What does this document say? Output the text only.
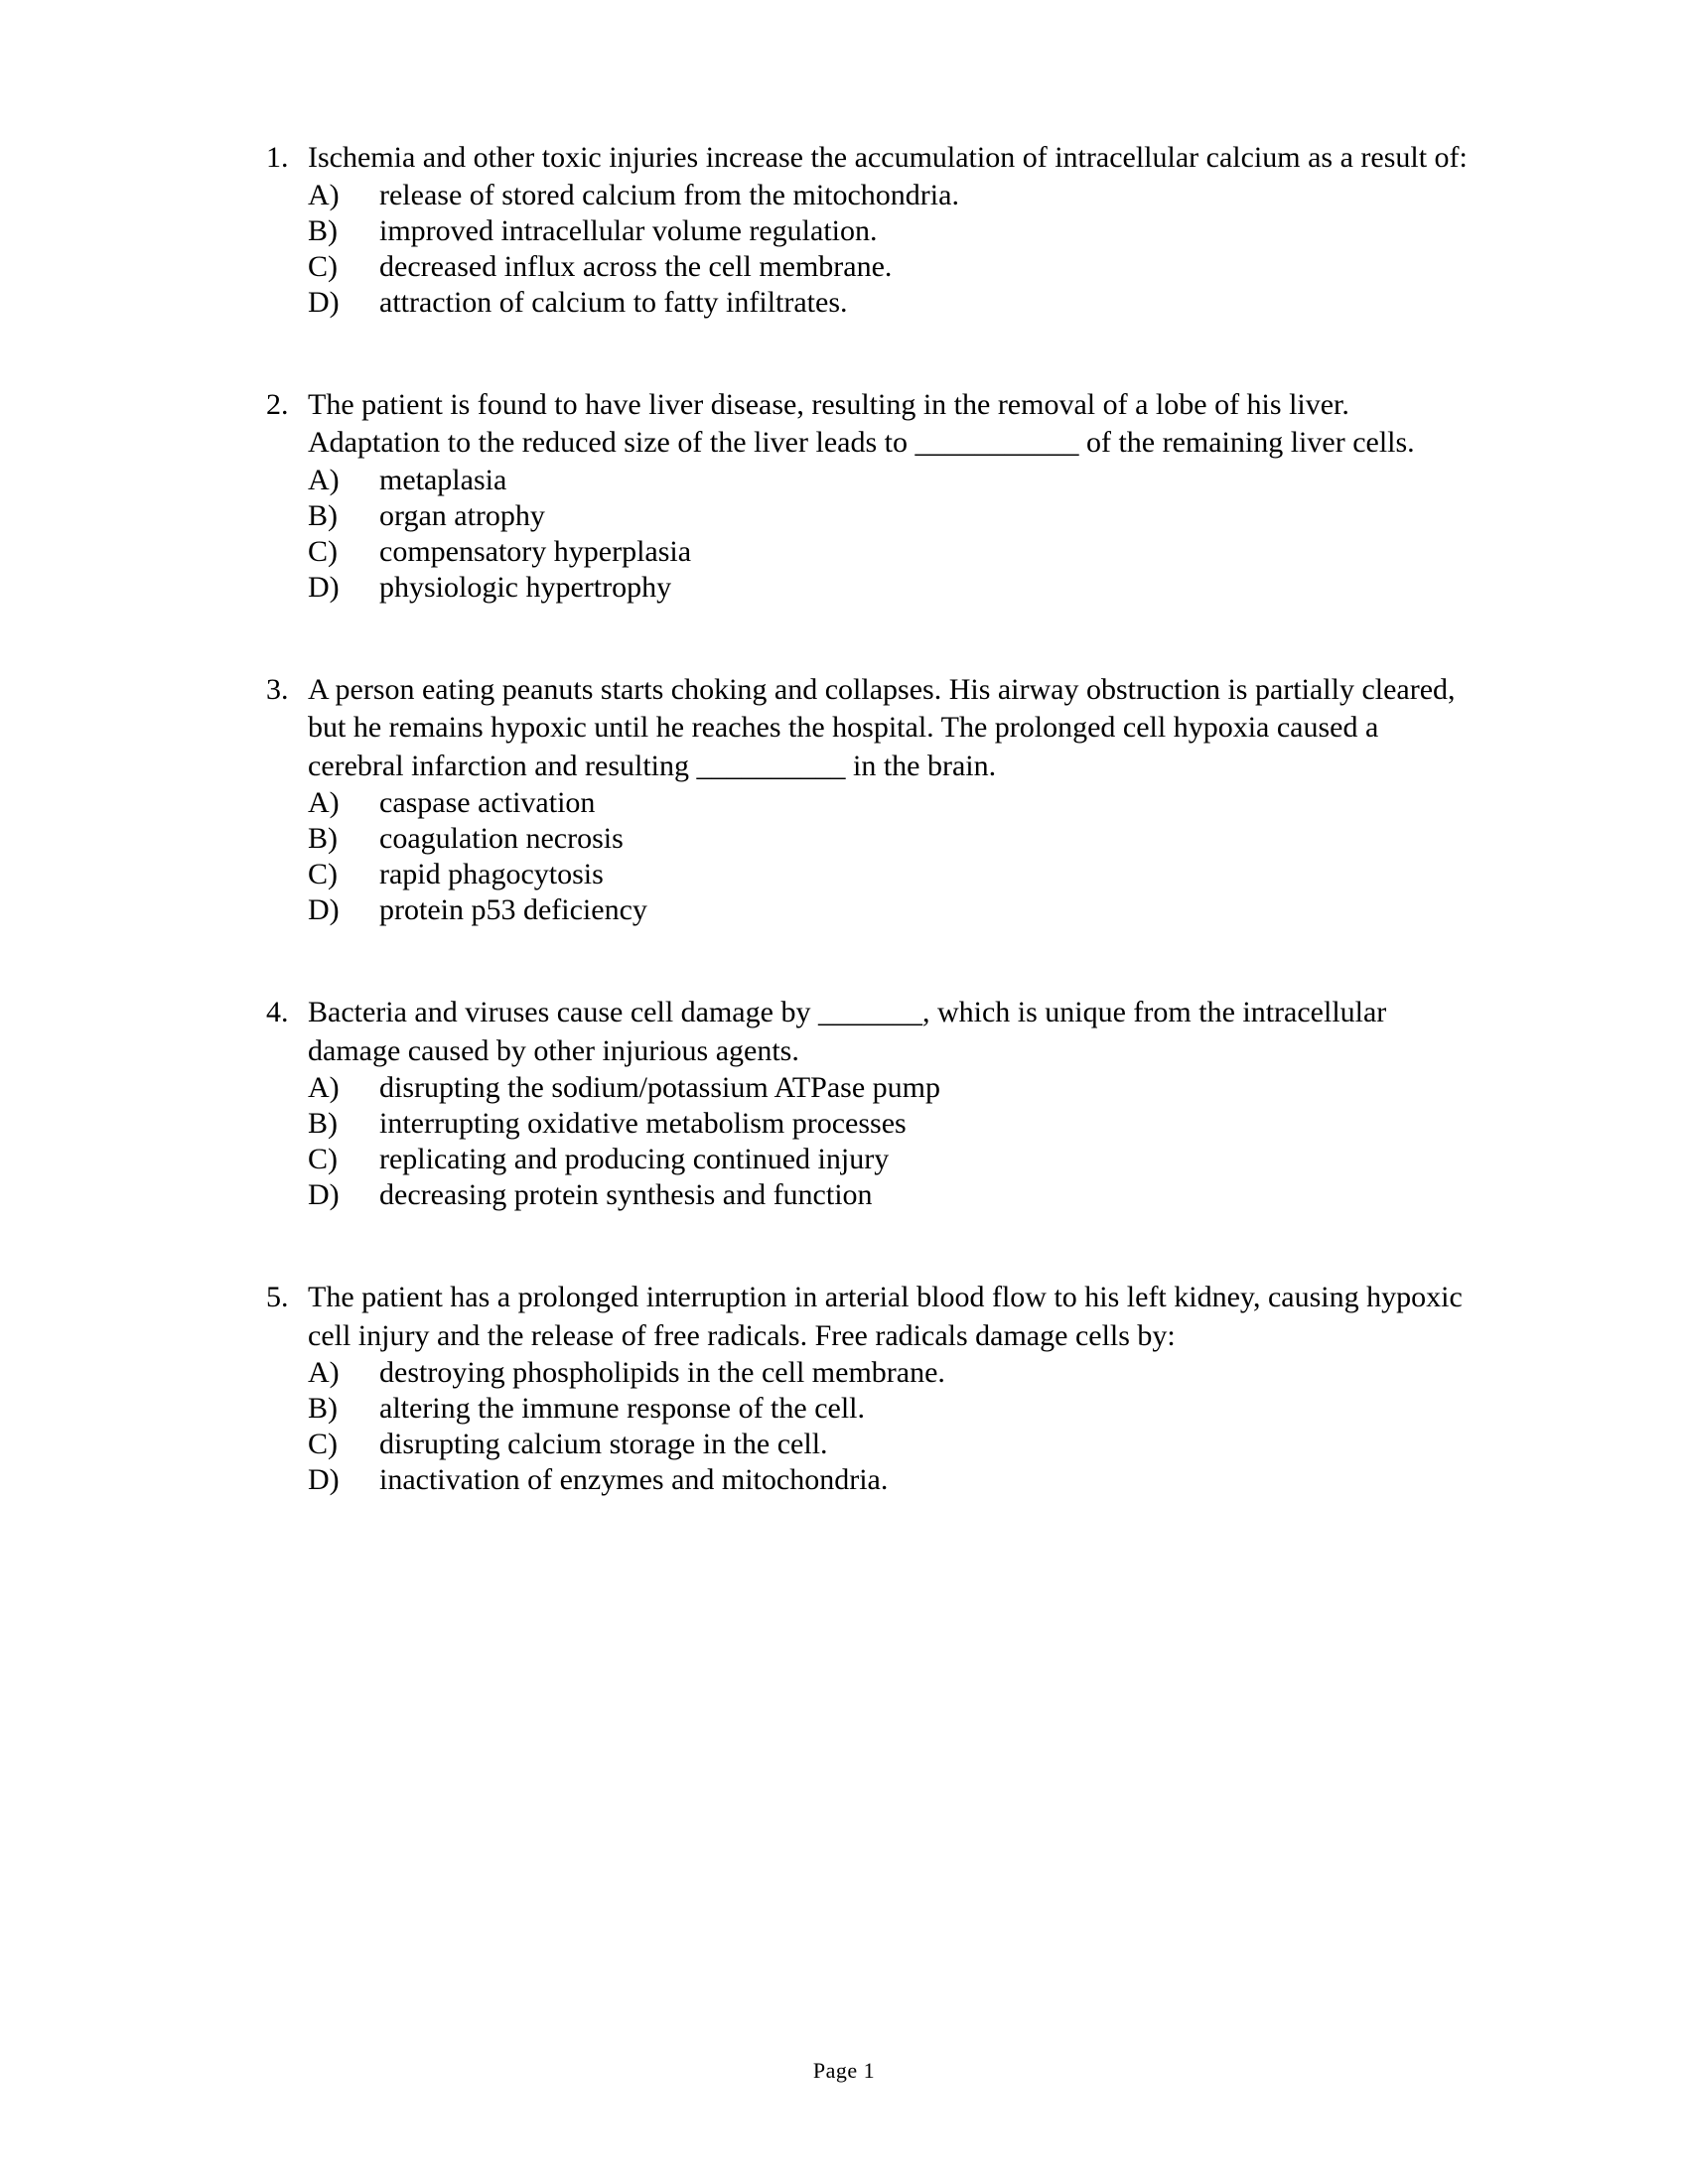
1. Ischemia and other toxic injuries increase the accumulation of intracellular calcium as a result of:
A)	release of stored calcium from the mitochondria.
B)	improved intracellular volume regulation.
C)	decreased influx across the cell membrane.
D)	attraction of calcium to fatty infiltrates.
2. The patient is found to have liver disease, resulting in the removal of a lobe of his liver. Adaptation to the reduced size of the liver leads to ___________ of the remaining liver cells.
A)	metaplasia
B)	organ atrophy
C)	compensatory hyperplasia
D)	physiologic hypertrophy
3. A person eating peanuts starts choking and collapses. His airway obstruction is partially cleared, but he remains hypoxic until he reaches the hospital. The prolonged cell hypoxia caused a cerebral infarction and resulting __________ in the brain.
A)	caspase activation
B)	coagulation necrosis
C)	rapid phagocytosis
D)	protein p53 deficiency
4. Bacteria and viruses cause cell damage by _______, which is unique from the intracellular damage caused by other injurious agents.
A)	disrupting the sodium/potassium ATPase pump
B)	interrupting oxidative metabolism processes
C)	replicating and producing continued injury
D)	decreasing protein synthesis and function
5. The patient has a prolonged interruption in arterial blood flow to his left kidney, causing hypoxic cell injury and the release of free radicals. Free radicals damage cells by:
A)	destroying phospholipids in the cell membrane.
B)	altering the immune response of the cell.
C)	disrupting calcium storage in the cell.
D)	inactivation of enzymes and mitochondria.
Page 1
